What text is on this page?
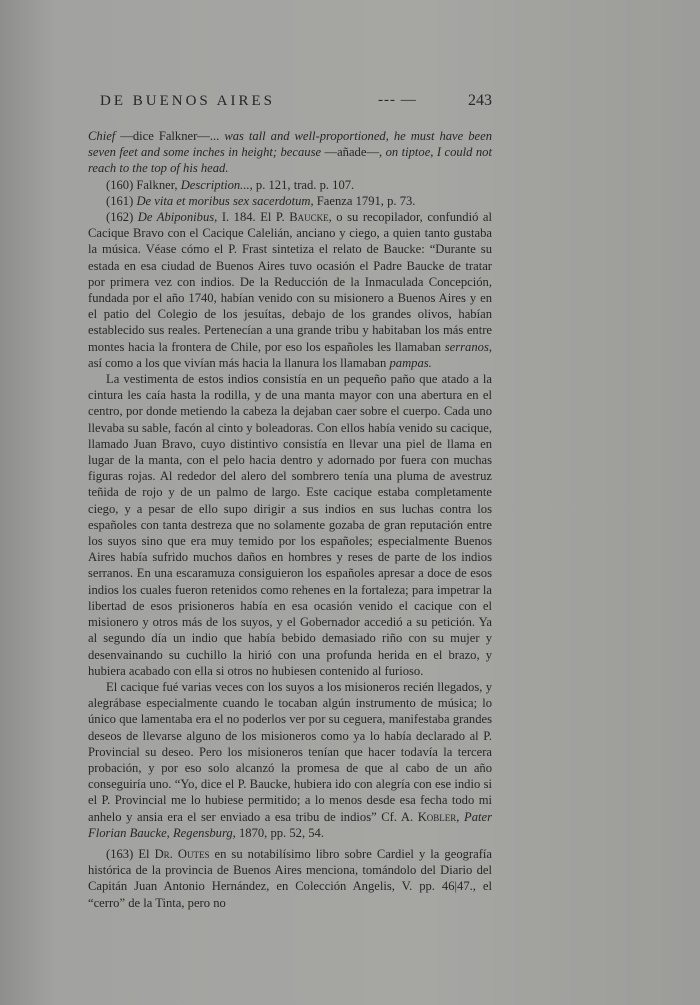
DE BUENOS AIRES	--- —	243

Chief —dice Falkner—... was tall and well-proportioned, he must have been seven feet and some inches in height; because —añade—, on tiptoe, I could not reach to the top of his head.

(160) Falkner, Description..., p. 121, trad. p. 107.

(161) De vita et moribus sex sacerdotum, Faenza 1791, p. 73.

(162) De Abiponibus, I. 184. El P. Baucke, o su recopilador, confundió al Cacique Bravo con el Cacique Calelián, anciano y ciego, a quien tanto gustaba la música. Véase cómo el P. Frast sintetiza el relato de Baucke: “Durante su estada en esa ciudad de Buenos Aires tuvo ocasión el Padre Baucke de tratar por primera vez con indios. De la Reducción de la Inmaculada Concepción, fundada por el año 1740, habían venido con su misionero a Buenos Aires y en el patio del Colegio de los jesuítas, debajo de los grandes olivos, habían establecido sus reales. Pertenecían a una grande tribu y habitaban los más entre montes hacia la frontera de Chile, por eso los españoles les llamaban serranos, así como a los que vivían más hacia la llanura los llamaban pampas.

La vestimenta de estos indios consistía en un pequeño paño que atado a la cintura les caía hasta la rodilla, y de una manta mayor con una abertura en el centro, por donde metiendo la cabeza la dejaban caer sobre el cuerpo. Cada uno llevaba su sable, facón al cinto y boleadoras. Con ellos había venido su cacique, llamado Juan Bravo, cuyo distintivo consistía en llevar una piel de llama en lugar de la manta, con el pelo hacia dentro y adornado por fuera con muchas figuras rojas. Al rededor del alero del sombrero tenía una pluma de avestruz teñida de rojo y de un palmo de largo. Este cacique estaba completamente ciego, y a pesar de ello supo dirigir a sus indios en sus luchas contra los españoles con tanta destreza que no solamente gozaba de gran reputación entre los suyos sino que era muy temido por los españoles; especialmente Buenos Aires había sufrido muchos daños en hombres y reses de parte de los indios serranos. En una escaramuza consiguieron los españoles apresar a doce de esos indios los cuales fueron retenidos como rehenes en la fortaleza; para impetrar la libertad de esos prisioneros había en esa ocasión venido el cacique con el misionero y otros más de los suyos, y el Gobernador accedió a su petición. Ya al segundo día un indio que había bebido demasiado riño con su mujer y desenvainando su cuchillo la hirió con una profunda herida en el brazo, y hubiera acabado con ella si otros no hubiesen contenido al furioso.

El cacique fué varias veces con los suyos a los misioneros recién llegados, y alegrábase especialmente cuando le tocaban algún instrumento de música; lo único que lamentaba era el no poderlos ver por su ceguera, manifestaba grandes deseos de llevarse alguno de los misioneros como ya lo había declarado al P. Provincial su deseo. Pero los misioneros tenían que hacer todavía la tercera probación, y por eso solo alcanzó la promesa de que al cabo de un año conseguiría uno. “Yo, dice el P. Baucke, hubiera ido con alegría con ese indio si el P. Provincial me lo hubiese permitido; a lo menos desde esa fecha todo mi anhelo y ansia era el ser enviado a esa tribu de indios” Cf. A. Kobler, Pater Florian Baucke, Regensburg, 1870, pp. 52, 54.

(163) El Dr. Outes en su notabilísimo libro sobre Cardiel y la geografía histórica de la provincia de Buenos Aires menciona, tomándolo del Diario del Capitán Juan Antonio Hernández, en Colección Angelis, V. pp. 46|47., el “cerro” de la Tinta, pero no
